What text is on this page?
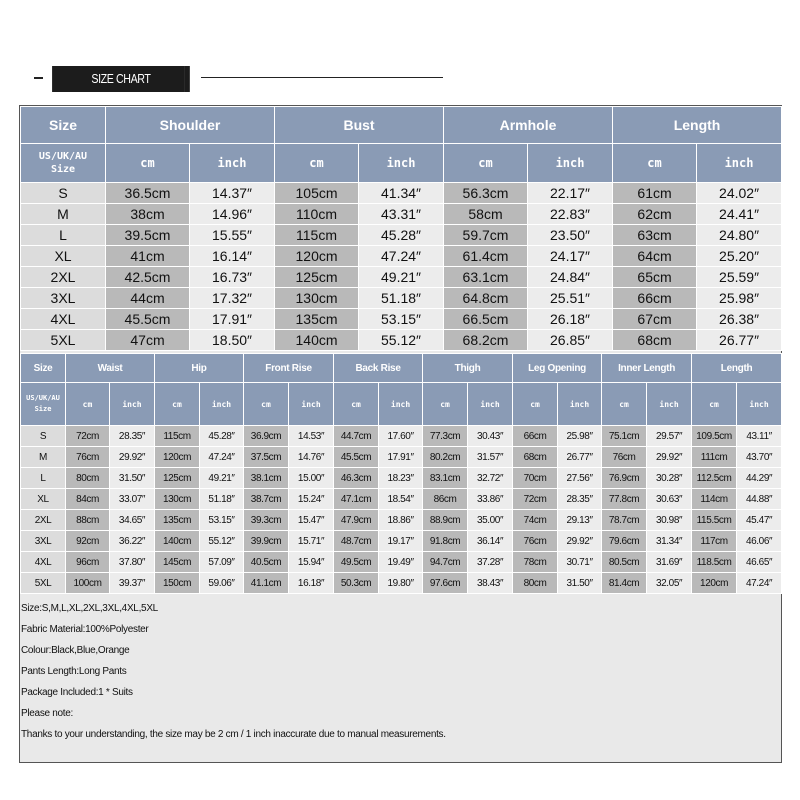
SIZE CHART
Size	Shoulder		Bust		Armhole		Length	

US/UK/AU
Size	cm	inch	cm	inch	cm	inch	cm	inch
S	36.5cm	14.37″	105cm	41.34″	56.3cm	22.17″	61cm	24.02″
M	38cm	14.96″	110cm	43.31″	58cm	22.83″	62cm	24.41″
L	39.5cm	15.55″	115cm	45.28″	59.7cm	23.50″	63cm	24.80″
XL	41cm	16.14″	120cm	47.24″	61.4cm	24.17″	64cm	25.20″
2XL	42.5cm	16.73″	125cm	49.21″	63.1cm	24.84″	65cm	25.59″
3XL	44cm	17.32″	130cm	51.18″	64.8cm	25.51″	66cm	25.98″
4XL	45.5cm	17.91″	135cm	53.15″	66.5cm	26.18″	67cm	26.38″
5XL	47cm	18.50″	140cm	55.12″	68.2cm	26.85″	68cm	26.77″
Size	Waist		Hip		Front Rise		Back Rise		Thigh		Leg Opening		Inner Length		Length	

US/UK/AU
Size	cm	inch	cm	inch	cm	inch	cm	inch	cm	inch	cm	inch	cm	inch	cm	inch
S	72cm	28.35″	115cm	45.28″	36.9cm	14.53″	44.7cm	17.60″	77.3cm	30.43″	66cm	25.98″	75.1cm	29.57″	109.5cm	43.11″
M	76cm	29.92″	120cm	47.24″	37.5cm	14.76″	45.5cm	17.91″	80.2cm	31.57″	68cm	26.77″	76cm	29.92″	111cm	43.70″
L	80cm	31.50″	125cm	49.21″	38.1cm	15.00″	46.3cm	18.23″	83.1cm	32.72″	70cm	27.56″	76.9cm	30.28″	112.5cm	44.29″
XL	84cm	33.07″	130cm	51.18″	38.7cm	15.24″	47.1cm	18.54″	86cm	33.86″	72cm	28.35″	77.8cm	30.63″	114cm	44.88″
2XL	88cm	34.65″	135cm	53.15″	39.3cm	15.47″	47.9cm	18.86″	88.9cm	35.00″	74cm	29.13″	78.7cm	30.98″	115.5cm	45.47″
3XL	92cm	36.22″	140cm	55.12″	39.9cm	15.71″	48.7cm	19.17″	91.8cm	36.14″	76cm	29.92″	79.6cm	31.34″	117cm	46.06″
4XL	96cm	37.80″	145cm	57.09″	40.5cm	15.94″	49.5cm	19.49″	94.7cm	37.28″	78cm	30.71″	80.5cm	31.69″	118.5cm	46.65″
5XL	100cm	39.37″	150cm	59.06″	41.1cm	16.18″	50.3cm	19.80″	97.6cm	38.43″	80cm	31.50″	81.4cm	32.05″	120cm	47.24″
Size:S,M,L,XL,2XL,3XL,4XL,5XL
Fabric Material:100%Polyester
Colour:Black,Blue,Orange
Pants Length:Long Pants
Package Included:1 * Suits
Please note:
Thanks to your understanding, the size may be 2 cm / 1 inch inaccurate due to manual measurements.
